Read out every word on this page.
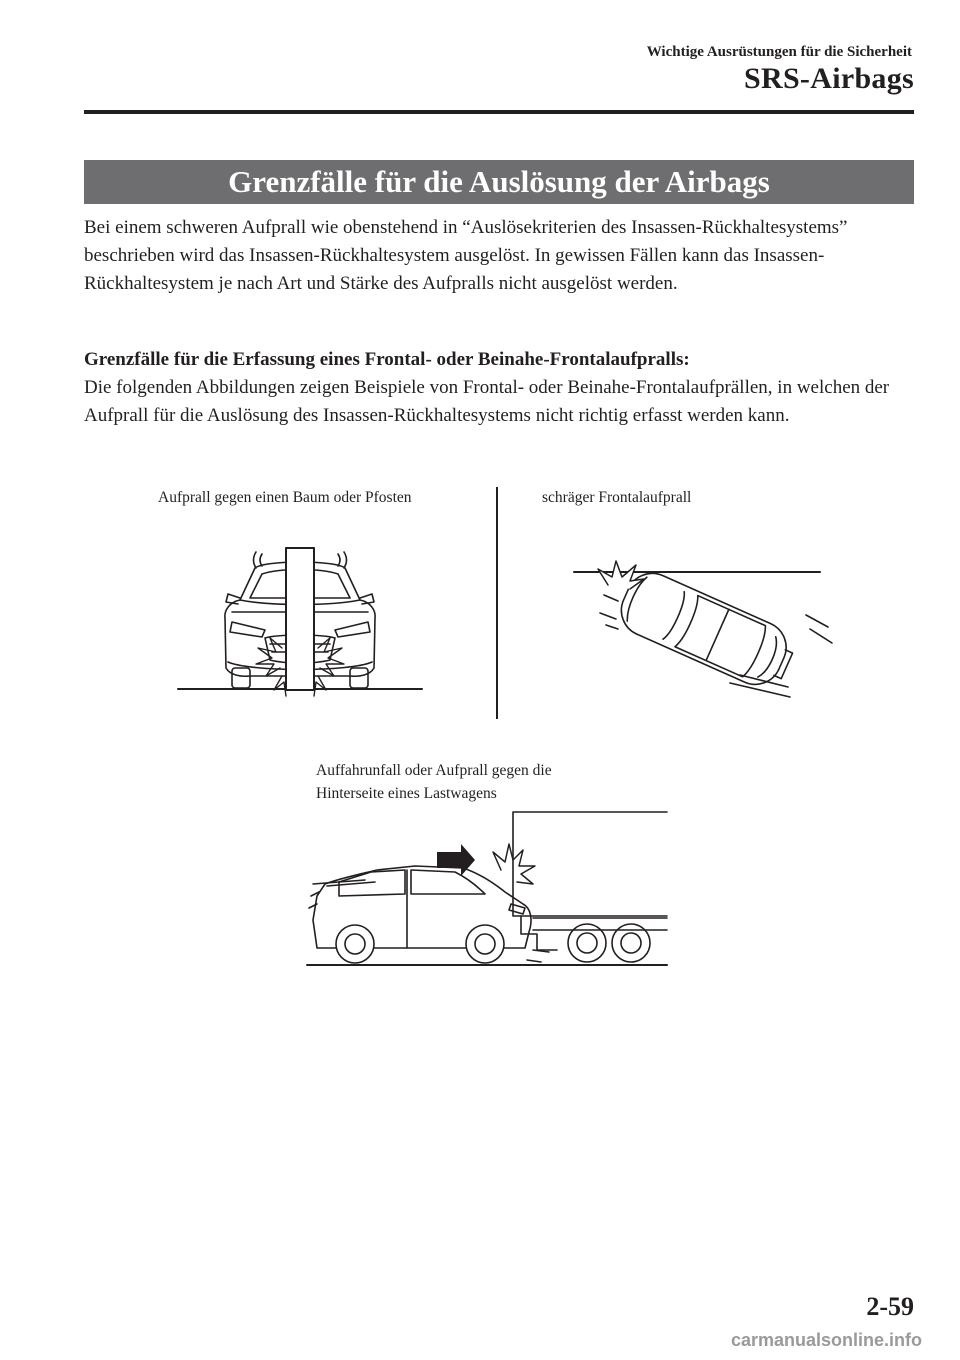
Wichtige Ausrüstungen für die Sicherheit
SRS-Airbags
Grenzfälle für die Auslösung der Airbags

Bei einem schweren Aufprall wie obenstehend in “Auslösekriterien des Insassen-Rückhaltesystems” beschrieben wird das Insassen-Rückhaltesystem ausgelöst. In gewissen Fällen kann das Insassen-Rückhaltesystem je nach Art und Stärke des Aufpralls nicht ausgelöst werden.

Grenzfälle für die Erfassung eines Frontal- oder Beinahe-Frontalaufpralls:

Die folgenden Abbildungen zeigen Beispiele von Frontal- oder Beinahe-Frontalaufprällen, in welchen der Aufprall für die Auslösung des Insassen-Rückhaltesystems nicht richtig erfasst werden kann.

Aufprall gegen einen Baum oder Pfosten	schräger Frontalaufprall
Auffahrunfall oder Aufprall gegen die
Hinterseite eines Lastwagens
2-59
carmanualsonline.info
